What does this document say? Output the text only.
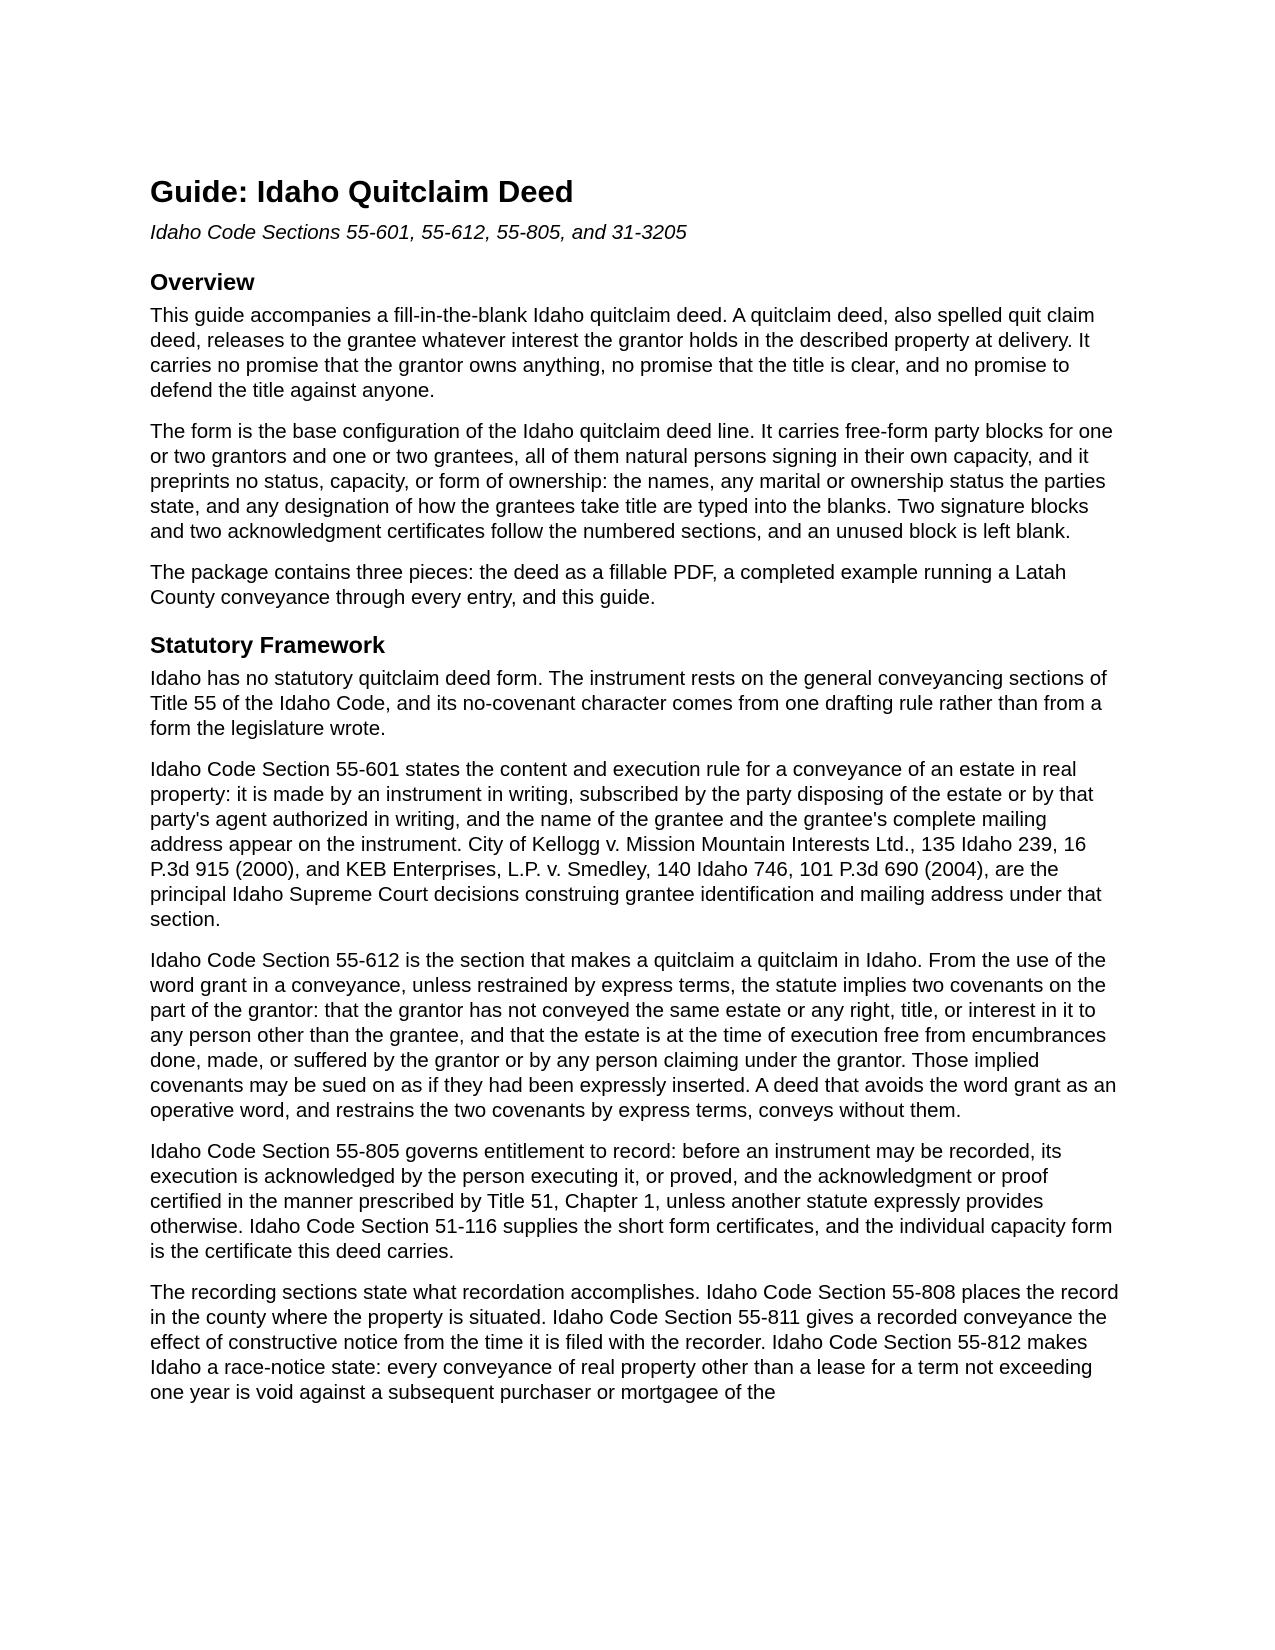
Guide: Idaho Quitclaim Deed
Idaho Code Sections 55-601, 55-612, 55-805, and 31-3205
Overview

This guide accompanies a fill-in-the-blank Idaho quitclaim deed. A quitclaim deed, also spelled quit claim deed, releases to the grantee whatever interest the grantor holds in the described property at delivery. It carries no promise that the grantor owns anything, no promise that the title is clear, and no promise to defend the title against anyone.

The form is the base configuration of the Idaho quitclaim deed line. It carries free-form party blocks for one or two grantors and one or two grantees, all of them natural persons signing in their own capacity, and it preprints no status, capacity, or form of ownership: the names, any marital or ownership status the parties state, and any designation of how the grantees take title are typed into the blanks. Two signature blocks and two acknowledgment certificates follow the numbered sections, and an unused block is left blank.

The package contains three pieces: the deed as a fillable PDF, a completed example running a Latah County conveyance through every entry, and this guide.

Statutory Framework

Idaho has no statutory quitclaim deed form. The instrument rests on the general conveyancing sections of Title 55 of the Idaho Code, and its no-covenant character comes from one drafting rule rather than from a form the legislature wrote.

Idaho Code Section 55-601 states the content and execution rule for a conveyance of an estate in real property: it is made by an instrument in writing, subscribed by the party disposing of the estate or by that party's agent authorized in writing, and the name of the grantee and the grantee's complete mailing address appear on the instrument. City of Kellogg v. Mission Mountain Interests Ltd., 135 Idaho 239, 16 P.3d 915 (2000), and KEB Enterprises, L.P. v. Smedley, 140 Idaho 746, 101 P.3d 690 (2004), are the principal Idaho Supreme Court decisions construing grantee identification and mailing address under that section.

Idaho Code Section 55-612 is the section that makes a quitclaim a quitclaim in Idaho. From the use of the word grant in a conveyance, unless restrained by express terms, the statute implies two covenants on the part of the grantor: that the grantor has not conveyed the same estate or any right, title, or interest in it to any person other than the grantee, and that the estate is at the time of execution free from encumbrances done, made, or suffered by the grantor or by any person claiming under the grantor. Those implied covenants may be sued on as if they had been expressly inserted. A deed that avoids the word grant as an operative word, and restrains the two covenants by express terms, conveys without them.

Idaho Code Section 55-805 governs entitlement to record: before an instrument may be recorded, its execution is acknowledged by the person executing it, or proved, and the acknowledgment or proof certified in the manner prescribed by Title 51, Chapter 1, unless another statute expressly provides otherwise. Idaho Code Section 51-116 supplies the short form certificates, and the individual capacity form is the certificate this deed carries.

The recording sections state what recordation accomplishes. Idaho Code Section 55-808 places the record in the county where the property is situated. Idaho Code Section 55-811 gives a recorded conveyance the effect of constructive notice from the time it is filed with the recorder. Idaho Code Section 55-812 makes Idaho a race-notice state: every conveyance of real property other than a lease for a term not exceeding one year is void against a subsequent purchaser or mortgagee of the
